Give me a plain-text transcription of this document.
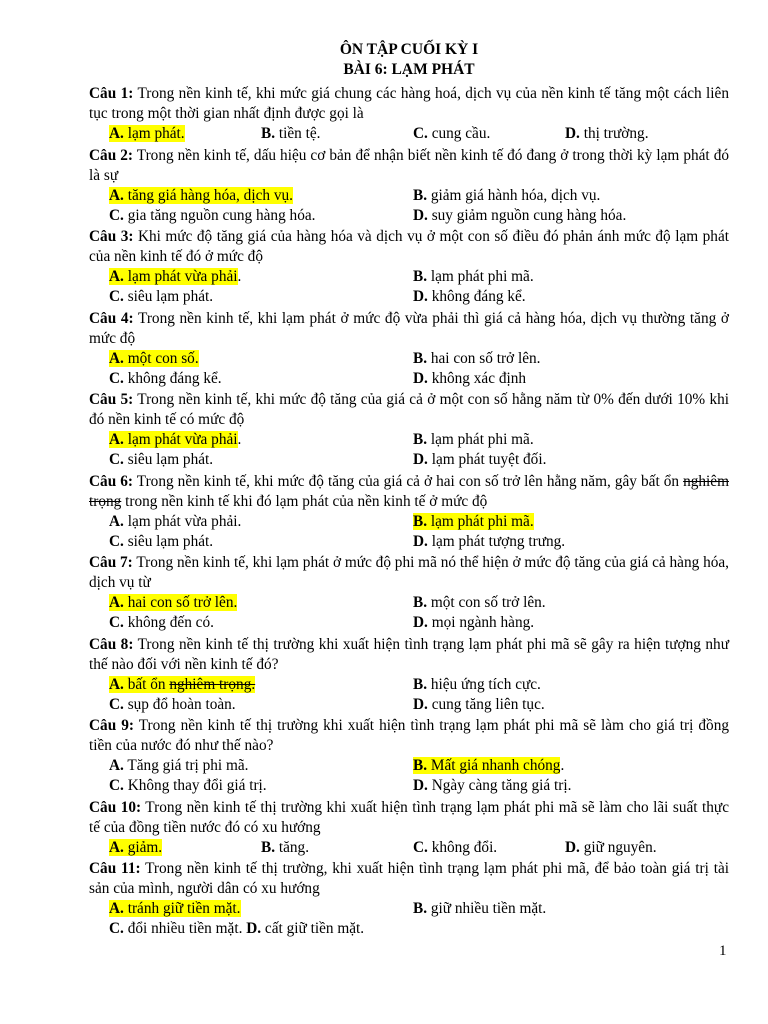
ÔN TẬP CUỐI KỲ I
BÀI 6: LẠM PHÁT
Câu 1: Trong nền kinh tế, khi mức giá chung các hàng hoá, dịch vụ của nền kinh tế tăng một cách liên tục trong một thời gian nhất định được gọi là
A. lạm phát.	B. tiền tệ.	C. cung cầu.	D. thị trường.
Câu 2: Trong nền kinh tế, dấu hiệu cơ bản để nhận biết nền kinh tế đó đang ở trong thời kỳ lạm phát đó là sự
A. tăng giá hàng hóa, dịch vụ.	B. giảm giá hành hóa, dịch vụ.
C. gia tăng nguồn cung hàng hóa.	D. suy giảm nguồn cung hàng hóa.
Câu 3: Khi mức độ tăng giá của hàng hóa và dịch vụ ở một con số điều đó phản ánh mức độ lạm phát của nền kinh tế đó ở mức độ
A. lạm phát vừa phải.	B. lạm phát phi mã.
C. siêu lạm phát.	D. không đáng kể.
Câu 4: Trong nền kinh tế, khi lạm phát ở mức độ vừa phải thì giá cả hàng hóa, dịch vụ thường tăng ở mức độ
A. một con số.	B. hai con số trở lên.
C. không đáng kể.	D. không xác định
Câu 5: Trong nền kinh tế, khi mức độ tăng của giá cả ở một con số hằng năm từ 0% đến dưới 10% khi đó nền kinh tế có mức độ
A. lạm phát vừa phải.	B. lạm phát phi mã.
C. siêu lạm phát.	D. lạm phát tuyệt đối.
Câu 6: Trong nền kinh tế, khi mức độ tăng của giá cả ở hai con số trở lên hằng năm, gây bất ổn nghiêm trọng trong nền kinh tế khi đó lạm phát của nền kinh tế ở mức độ
A. lạm phát vừa phải.	B. lạm phát phi mã.
C. siêu lạm phát.	D. lạm phát tượng trưng.
Câu 7: Trong nền kinh tế, khi lạm phát ở mức độ phi mã nó thể hiện ở mức độ tăng của giá cả hàng hóa, dịch vụ từ
A. hai con số trở lên.	B. một con số trở lên.
C. không đến có.	D. mọi ngành hàng.
Câu 8: Trong nền kinh tế thị trường khi xuất hiện tình trạng lạm phát phi mã sẽ gây ra hiện tượng như thế nào đối với nền kinh tế đó?
A. bất ổn nghiêm trọng.	B. hiệu ứng tích cực.
C. sụp đổ hoàn toàn.	D. cung tăng liên tục.
Câu 9: Trong nền kinh tế thị trường khi xuất hiện tình trạng lạm phát phi mã sẽ làm cho giá trị đồng tiền của nước đó như thế nào?
A. Tăng giá trị phi mã.	B. Mất giá nhanh chóng.
C. Không thay đổi giá trị.	D. Ngày càng tăng giá trị.
Câu 10: Trong nền kinh tế thị trường khi xuất hiện tình trạng lạm phát phi mã sẽ làm cho lãi suất thực tế của đồng tiền nước đó có xu hướng
A. giảm.	B. tăng.	C. không đổi.	D. giữ nguyên.
Câu 11: Trong nền kinh tế thị trường, khi xuất hiện tình trạng lạm phát phi mã, để bảo toàn giá trị tài sản của mình, người dân có xu hướng
A. tránh giữ tiền mặt.	B. giữ nhiều tiền mặt.
C. đổi nhiều tiền mặt. D. cất giữ tiền mặt.
1
